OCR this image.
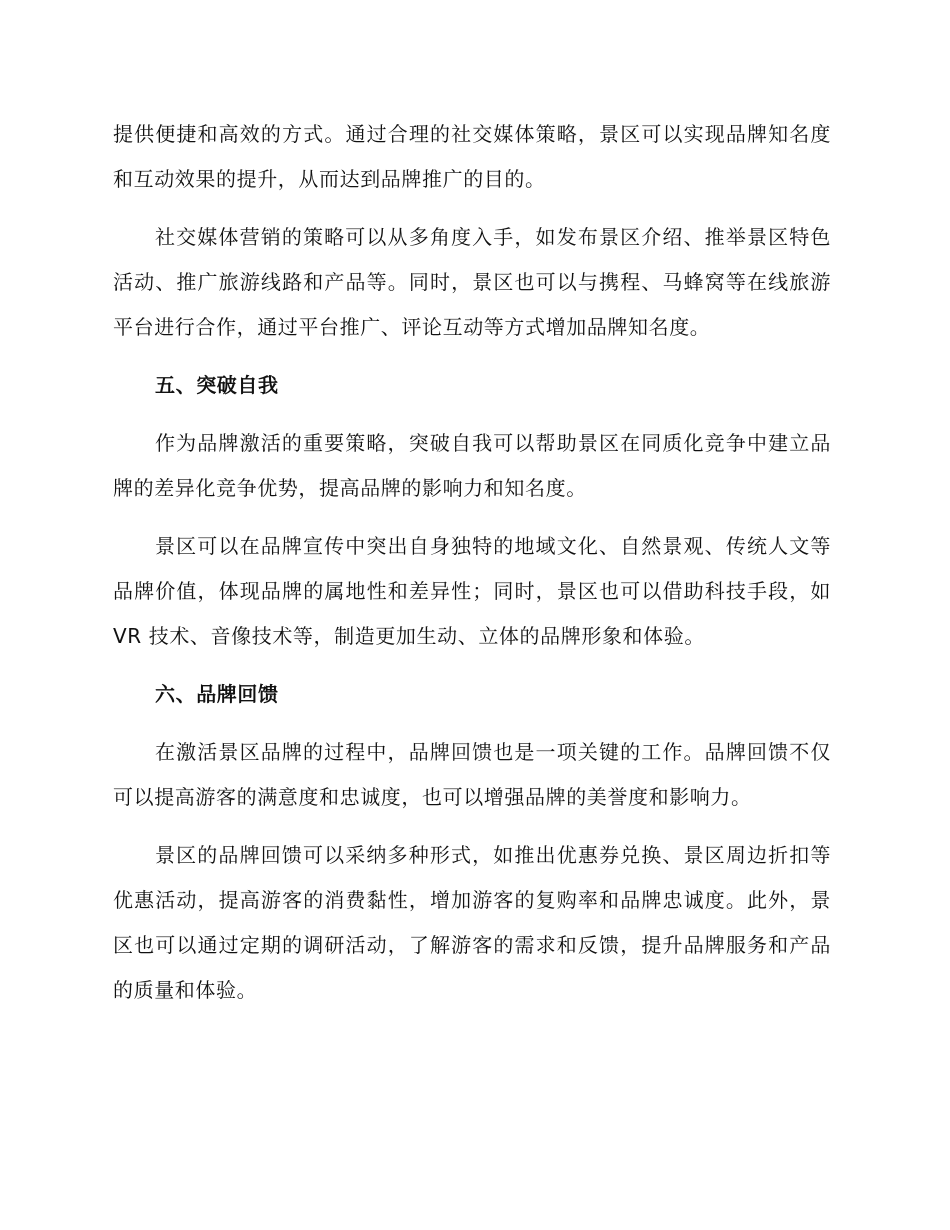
提供便捷和高效的方式。通过合理的社交媒体策略，景区可以实现品牌知名度和互动效果的提升，从而达到品牌推广的目的。

社交媒体营销的策略可以从多角度入手，如发布景区介绍、推举景区特色活动、推广旅游线路和产品等。同时，景区也可以与携程、马蜂窝等在线旅游平台进行合作，通过平台推广、评论互动等方式增加品牌知名度。

五、突破自我

作为品牌激活的重要策略，突破自我可以帮助景区在同质化竞争中建立品牌的差异化竞争优势，提高品牌的影响力和知名度。

景区可以在品牌宣传中突出自身独特的地域文化、自然景观、传统人文等品牌价值，体现品牌的属地性和差异性；同时，景区也可以借助科技手段，如 VR 技术、音像技术等，制造更加生动、立体的品牌形象和体验。

六、品牌回馈

在激活景区品牌的过程中，品牌回馈也是一项关键的工作。品牌回馈不仅可以提高游客的满意度和忠诚度，也可以增强品牌的美誉度和影响力。

景区的品牌回馈可以采纳多种形式，如推出优惠券兑换、景区周边折扣等优惠活动，提高游客的消费黏性，增加游客的复购率和品牌忠诚度。此外，景区也可以通过定期的调研活动，了解游客的需求和反馈，提升品牌服务和产品的质量和体验。
